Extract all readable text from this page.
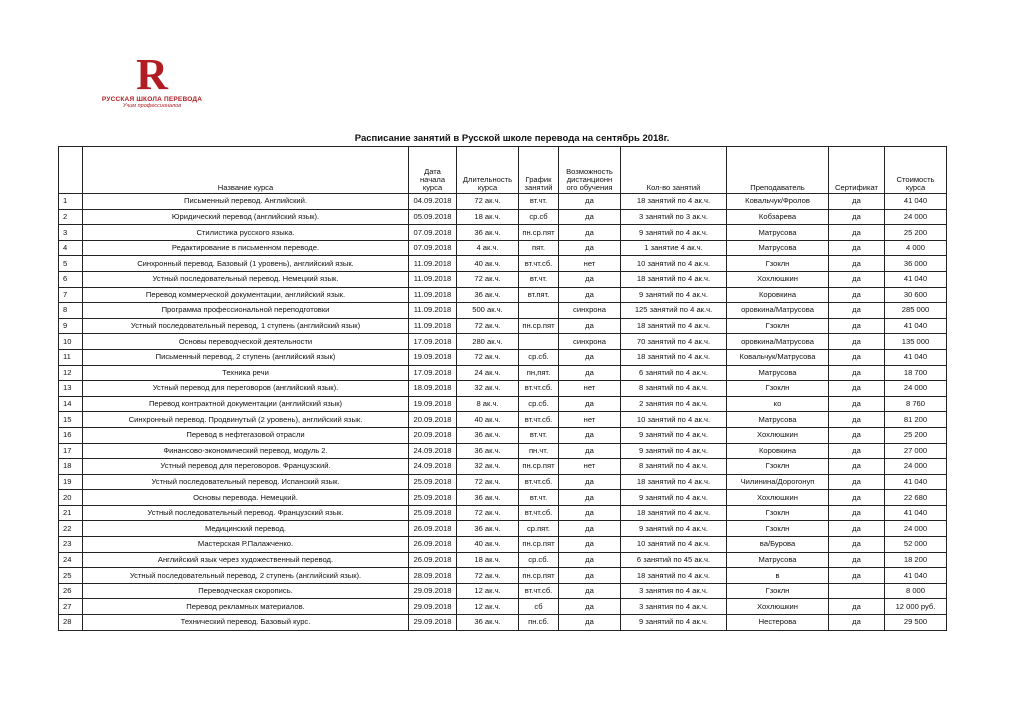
R
РУССКАЯ ШКОЛА ПЕРЕВОДА
Учим профессионалов
Расписание занятий в Русской школе перевода на сентябрь 2018г.
	Название курса	Дата начала курса	Длительность курса	График занятий	Возможность дистанционн ого обучения	Кол-во занятий	Преподаватель	Сертификат	Стоимость курса
1	Письменный перевод. Английский.	04.09.2018	72 ак.ч.	вт.чт.	да	18 занятий по 4 ак.ч.	Ковальчук/Фролов	да	41 040
2	Юридический перевод (английский язык).	05.09.2018	18 ак.ч.	ср.сб	да	3 занятий по 3 ак.ч.	Кобзарева	да	24 000
3	Стилистика русского языка.	07.09.2018	36 ак.ч.	пн.ср.пят	да	9 занятий по 4 ак.ч.	Матрусова	да	25 200
4	Редактирование в письменном переводе.	07.09.2018	4 ак.ч.	пят.	да	1 занятие 4 ак.ч.	Матрусова	да	4 000
5	Синхронный перевод. Базовый (1 уровень), английский язык.	11.09.2018	40 ак.ч.	вт.чт.сб.	нет	10 занятий по 4 ак.ч.	Гзоклн	да	36 000
6	Устный последовательный перевод. Немецкий язык.	11.09.2018	72 ак.ч.	вт.чт.	да	18 занятий по 4 ак.ч.	Хохлюшкин	да	41 040
7	Перевод коммерческой документации, английский язык.	11.09.2018	36 ак.ч.	вт.пят.	да	9 занятий по 4 ак.ч.	Коровкина	да	30 600
8	Программа профессиональной переподготовки	11.09.2018	500 ак.ч.		синхрона	125 занятий по 4 ак.ч.	оровкина/Матрусова	да	285 000
9	Устный последовательный перевод, 1 ступень (английский язык)	11.09.2018	72 ак.ч.	пн.ср.пят	да	18 занятий по 4 ак.ч.	Гзоклн	да	41 040
10	Основы переводческой деятельности	17.09.2018	280 ак.ч.		синхрона	70 занятий по 4 ак.ч.	оровкина/Матрусова	да	135 000
11	Письменный перевод, 2 ступень (английский язык)	19.09.2018	72 ак.ч.	ср.сб.	да	18 занятий по 4 ак.ч.	Ковальчук/Матрусова	да	41 040
12	Техника речи	17.09.2018	24 ак.ч.	пн,пят.	да	6 занятий по 4 ак.ч.	Матрусова	да	18 700
13	Устный перевод для переговоров (английский язык).	18.09.2018	32 ак.ч.	вт.чт.сб.	нет	8 занятий по 4 ак.ч.	Гзоклн	да	24 000
14	Перевод контрактной документации (английский язык)	19.09.2018	8 ак.ч.	ср.сб.	да	2 занятия по 4 ак.ч.	ко	да	8 760
15	Синхронный перевод. Продвинутый (2 уровень), английский язык.	20.09.2018	40 ак.ч.	вт.чт.сб.	нет	10 занятий по 4 ак.ч.	Матрусова	да	81 200
16	Перевод в нефтегазовой отрасли	20.09.2018	36 ак.ч.	вт.чт.	да	9 занятий по 4 ак.ч.	Хохлюшкин	да	25 200
17	Финансово-экономический перевод, модуль 2.	24.09.2018	36 ак.ч.	пн.чт.	да	9 занятий по 4 ак.ч.	Коровкина	да	27 000
18	Устный перевод для переговоров. Французский.	24.09.2018	32 ак.ч.	пн.ср.пят	нет	8 занятий по 4 ак.ч.	Гзоклн	да	24 000
19	Устный последовательный перевод. Испанский язык.	25.09.2018	72 ак.ч.	вт.чт.сб.	да	18 занятий по 4 ак.ч.	Чилинина/Дорогонуп	да	41 040
20	Основы перевода. Немецкий.	25.09.2018	36 ак.ч.	вт.чт.	да	9 занятий по 4 ак.ч.	Хохлюшкин	да	22 680
21	Устный последовательный перевод. Французский язык.	25.09.2018	72 ак.ч.	вт.чт.сб.	да	18 занятий по 4 ак.ч.	Гзоклн	да	41 040
22	Медицинский перевод.	26.09.2018	36 ак.ч.	ср.пят.	да	9 занятий по 4 ак.ч.	Гзоклн	да	24 000
23	Мастерская Р.Палажченко.	26.09.2018	40 ак.ч.	пн.ср.пят	да	10 занятий по 4 ак.ч.	ва/Бурова	да	52 000
24	Английский язык через художественный перевод.	26.09.2018	18 ак.ч.	ср.сб.	да	6 занятий по 45 ак.ч.	Матрусова	да	18 200
25	Устный последовательный перевод, 2 ступень (английский язык).	28.09.2018	72 ак.ч.	пн.ср.пят	да	18 занятий по 4 ак.ч.	в	да	41 040
26	Переводческая скоропись.	29.09.2018	12 ак.ч.	вт.чт.сб.	да	3 занятия по 4 ак.ч.	Гзоклн		8 000
27	Перевод рекламных материалов.	29.09.2018	12 ак.ч.	сб	да	3 занятия по 4 ак.ч.	Хохлюшкин	да	12 000 руб.
28	Технический перевод. Базовый курс.	29.09.2018	36 ак.ч.	пн.сб.	да	9 занятий по 4 ак.ч.	Нестерова	да	29 500
